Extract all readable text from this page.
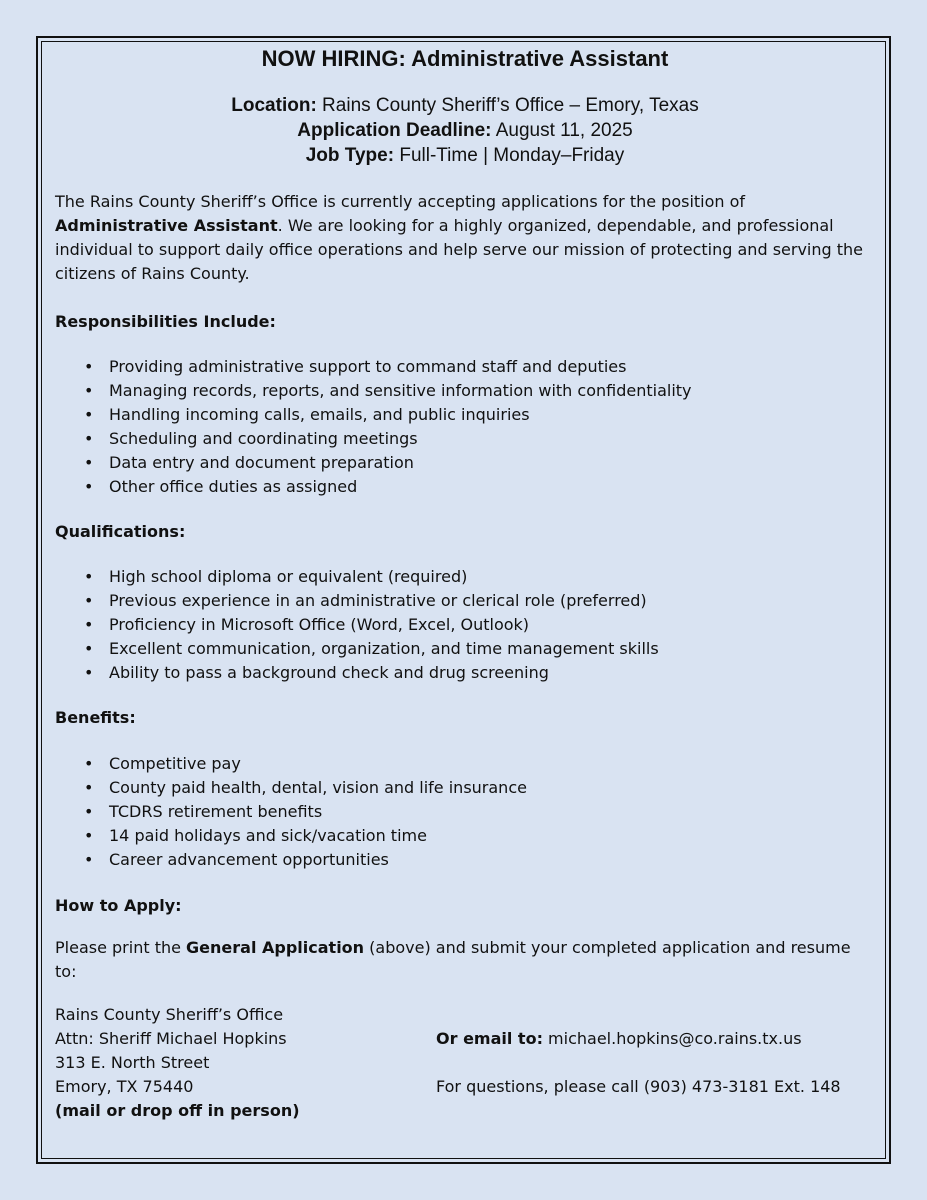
NOW HIRING: Administrative Assistant
Location: Rains County Sheriff’s Office – Emory, Texas
Application Deadline: August 11, 2025
Job Type: Full-Time | Monday–Friday
The Rains County Sheriff’s Office is currently accepting applications for the position of Administrative Assistant. We are looking for a highly organized, dependable, and professional individual to support daily office operations and help serve our mission of protecting and serving the citizens of Rains County.
Responsibilities Include:
• Providing administrative support to command staff and deputies
• Managing records, reports, and sensitive information with confidentiality
• Handling incoming calls, emails, and public inquiries
• Scheduling and coordinating meetings
• Data entry and document preparation
• Other office duties as assigned
Qualifications:
• High school diploma or equivalent (required)
• Previous experience in an administrative or clerical role (preferred)
• Proficiency in Microsoft Office (Word, Excel, Outlook)
• Excellent communication, organization, and time management skills
• Ability to pass a background check and drug screening
Benefits:
• Competitive pay
• County paid health, dental, vision and life insurance
• TCDRS retirement benefits
• 14 paid holidays and sick/vacation time
• Career advancement opportunities
How to Apply:
Please print the General Application (above) and submit your completed application and resume to:
Rains County Sheriff’s Office
Attn: Sheriff Michael Hopkins
313 E. North Street
Emory, TX 75440
(mail or drop off in person)
Or email to: michael.hopkins@co.rains.tx.us
For questions, please call (903) 473-3181 Ext. 148
